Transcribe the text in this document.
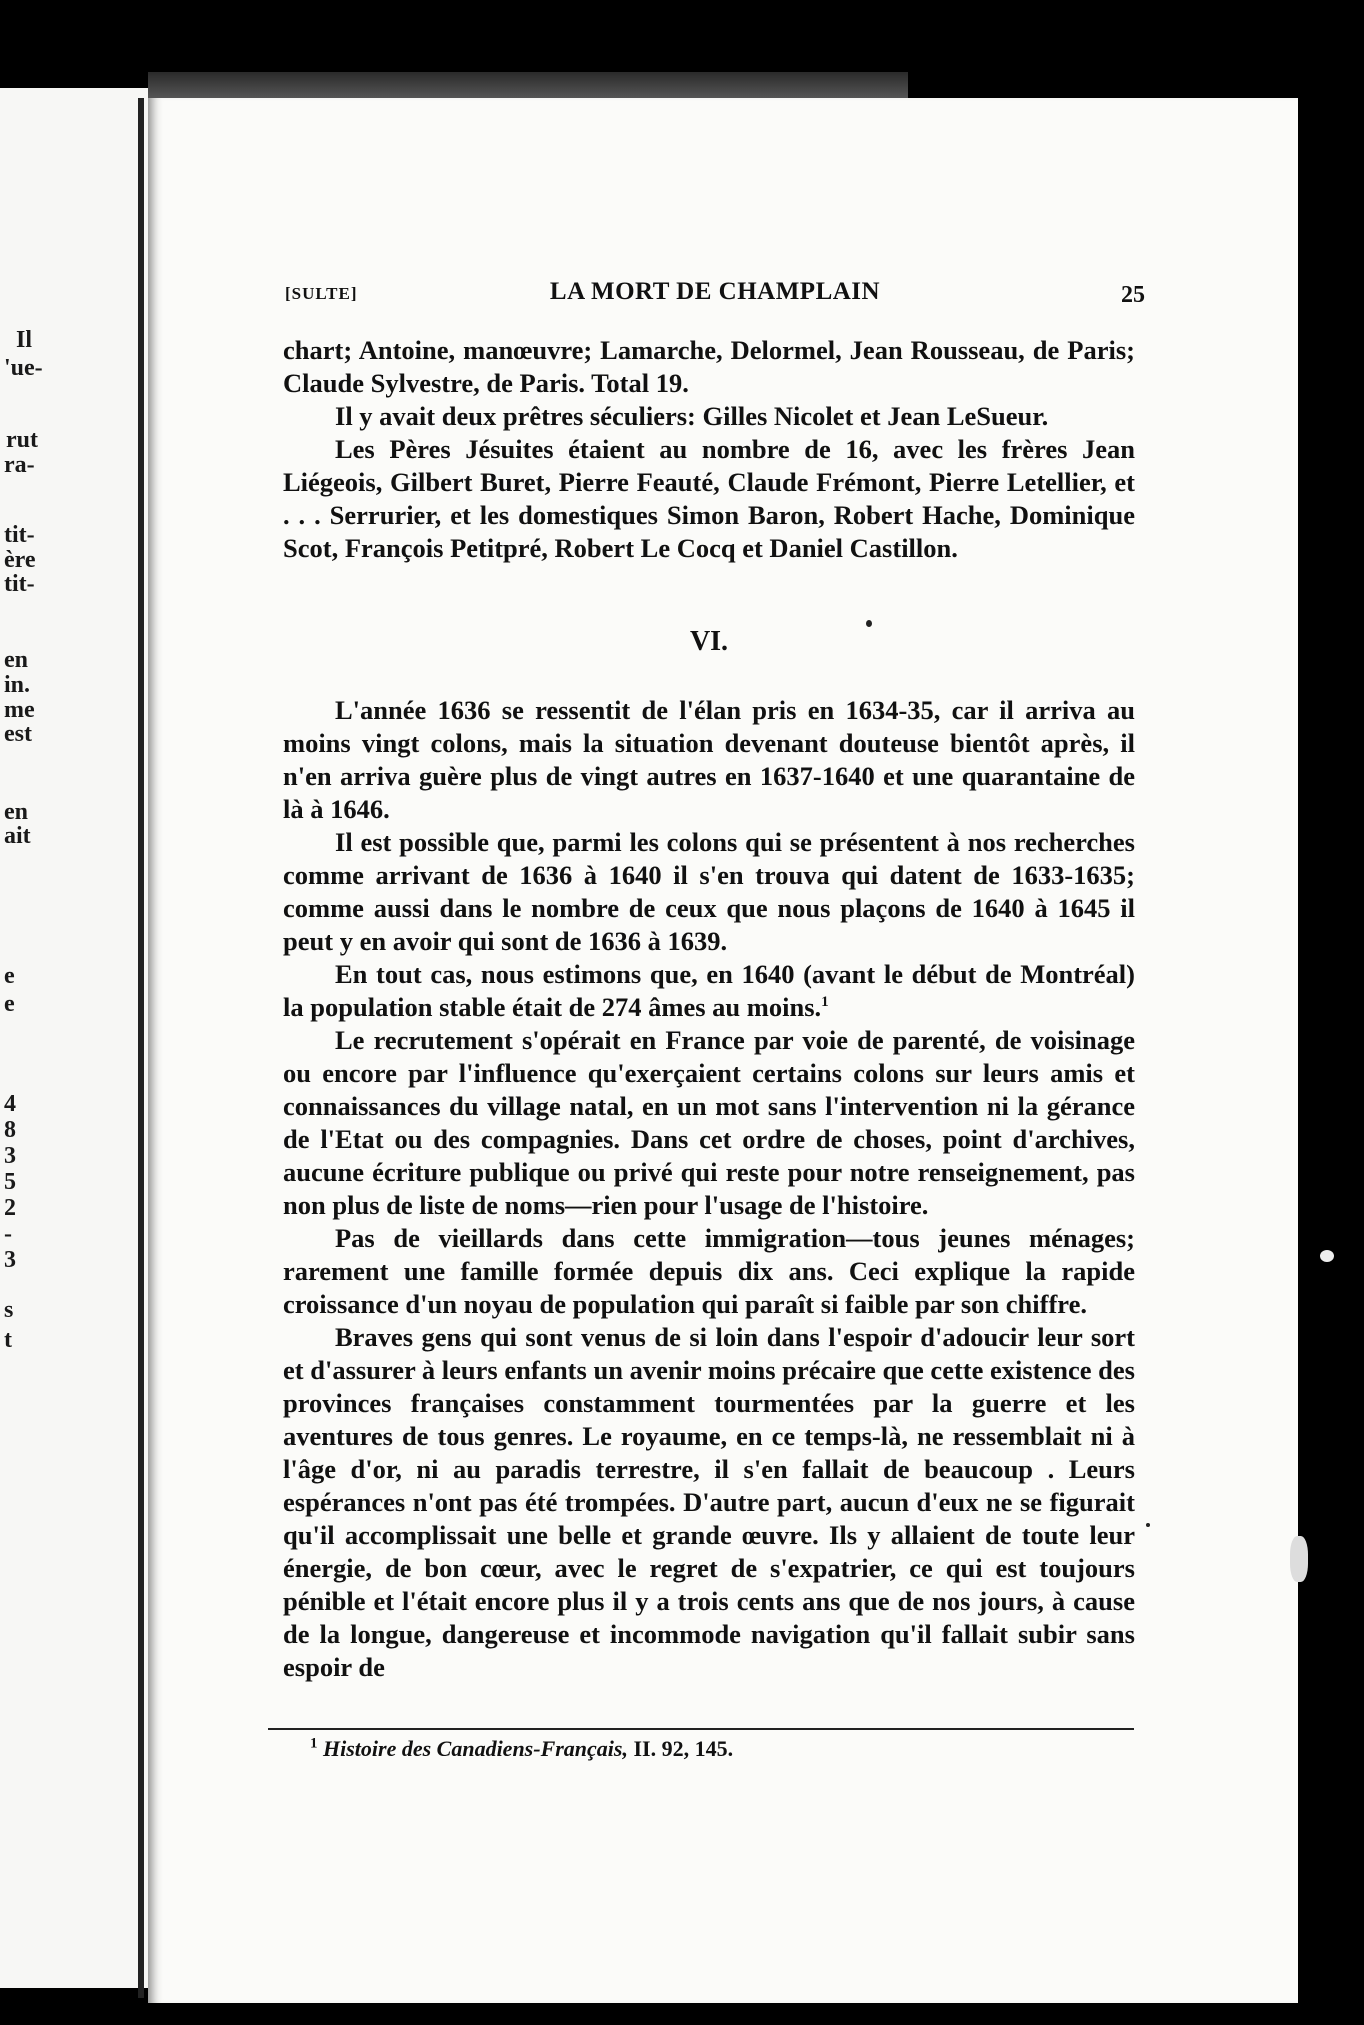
Il
'ue-
rut
ra-
tit-
ère
tit-
en
in.
me
est
en
ait
e
e
4
8
3
5
2
-
3
s
t
[SULTE]	LA MORT DE CHAMPLAIN	25

chart; Antoine, manœuvre; Lamarche, Delormel, Jean Rousseau, de Paris; Claude Sylvestre, de Paris. Total 19.

Il y avait deux prêtres séculiers: Gilles Nicolet et Jean LeSueur.

Les Pères Jésuites étaient au nombre de 16, avec les frères Jean Liégeois, Gilbert Buret, Pierre Feauté, Claude Frémont, Pierre Letellier, et . . . Serrurier, et les domestiques Simon Baron, Robert Hache, Dominique Scot, François Petitpré, Robert Le Cocq et Daniel Castillon.

VI.

L'année 1636 se ressentit de l'élan pris en 1634-35, car il arriva au moins vingt colons, mais la situation devenant douteuse bientôt après, il n'en arriva guère plus de vingt autres en 1637-1640 et une quarantaine de là à 1646.

Il est possible que, parmi les colons qui se présentent à nos recherches comme arrivant de 1636 à 1640 il s'en trouva qui datent de 1633-1635; comme aussi dans le nombre de ceux que nous plaçons de 1640 à 1645 il peut y en avoir qui sont de 1636 à 1639.

En tout cas, nous estimons que, en 1640 (avant le début de Montréal) la population stable était de 274 âmes au moins.$^1$

Le recrutement s'opérait en France par voie de parenté, de voisinage ou encore par l'influence qu'exerçaient certains colons sur leurs amis et connaissances du village natal, en un mot sans l'intervention ni la gérance de l'Etat ou des compagnies. Dans cet ordre de choses, point d'archives, aucune écriture publique ou privé qui reste pour notre renseignement, pas non plus de liste de noms—rien pour l'usage de l'histoire.

Pas de vieillards dans cette immigration—tous jeunes ménages; rarement une famille formée depuis dix ans. Ceci explique la rapide croissance d'un noyau de population qui paraît si faible par son chiffre.

Braves gens qui sont venus de si loin dans l'espoir d'adoucir leur sort et d'assurer à leurs enfants un avenir moins précaire que cette existence des provinces françaises constamment tourmentées par la guerre et les aventures de tous genres. Le royaume, en ce temps-là, ne ressemblait ni à l'âge d'or, ni au paradis terrestre, il s'en fallait de beaucoup . Leurs espérances n'ont pas été trompées. D'autre part, aucun d'eux ne se figurait qu'il accomplissait une belle et grande œuvre. Ils y allaient de toute leur énergie, de bon cœur, avec le regret de s'expatrier, ce qui est toujours pénible et l'était encore plus il y a trois cents ans que de nos jours, à cause de la longue, dangereuse et incommode navigation qu'il fallait subir sans espoir de

$^1$ Histoire des Canadiens-Français, II. 92, 145.
